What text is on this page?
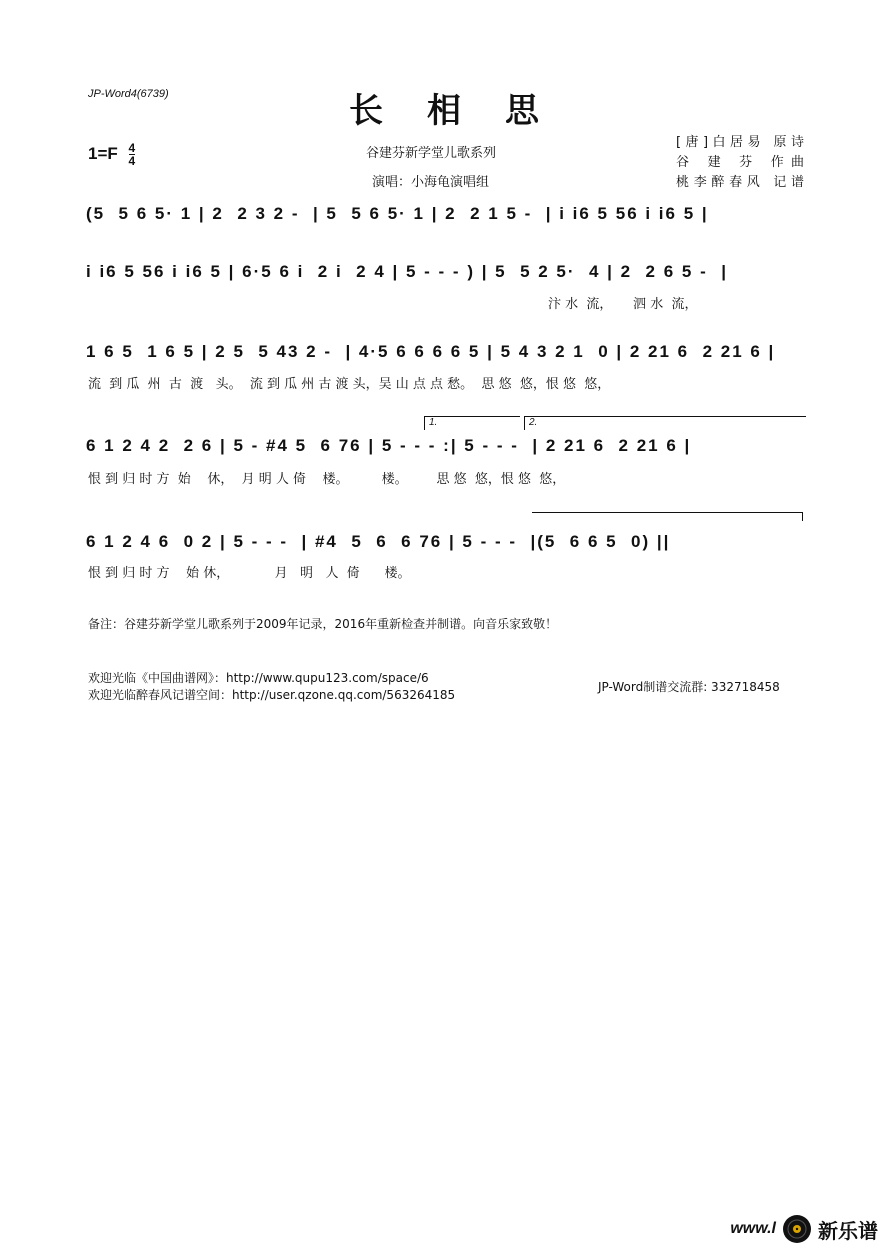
JP-Word4(6739)	长相思
$1=F \frac{4}{4}$	谷建芬新学堂儿歌系列
演唱：小海龟演唱组
[唐]白居易 原诗
谷 建 芬 作曲
桃李醉春风 记谱
(5  5 6 5· 1 | 2  2 3 2 -  | 5  5 6 5· 1 | 2  2 1 5 -  | i i6 5 56 i i6 5 |
i i6 5 56 i i6 5 | 6·5 6 i  2 i  2 4 | 5 - - - ) | 5  5 2 5·  4 | 2  2 6 5 -  |
汴 水  流，     泗 水  流，
1 6 5  1 6 5 | 2 5  5 43 2 -  | 4·5 6 6 6 6 5 | 5 4 3 2 1  0 | 2 21 6  2 21 6 |
流  到 瓜  州  古  渡   头。  流 到 瓜 州 古 渡 头，吴 山 点 点 愁。  思 悠  悠，恨 悠  悠，
1.	2.
6 1 2 4 2  2 6 | 5 - #4 5  6 76 | 5 - - - :| 5 - - -  | 2 21 6  2 21 6 |
恨 到 归 时 方  始    休，  月 明 人 倚    楼。        楼。       思 悠  悠，恨 悠  悠，
6 1 2 4 6  0 2 | 5 - - -  | #4  5  6  6 76 | 5 - - -  |(5  6 6 5  0) ||
恨 到 归 时 方    始 休，           月   明   人  倚      楼。
备注：谷建芬新学堂儿歌系列于2009年记录，2016年重新检查并制谱。向音乐家致敬！
欢迎光临《中国曲谱网》：http://www.qupu123.com/space/6
欢迎光临醉春风记谱空间：http://user.qzone.qq.com/563264185
JP-Word制谱交流群: 332718458
www.l 新乐谱
